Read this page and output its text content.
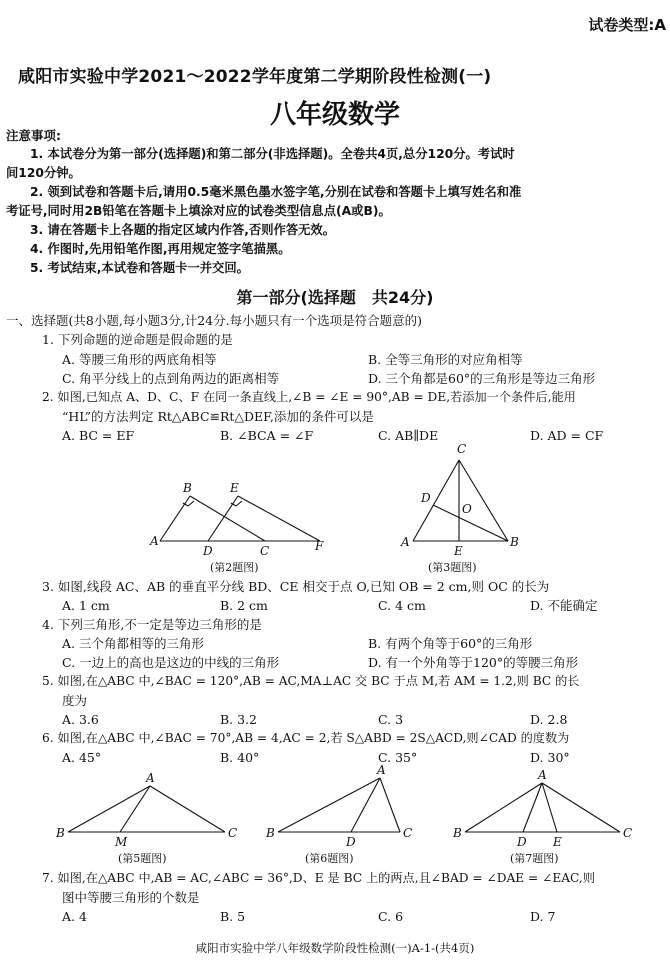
试卷类型:A
咸阳市实验中学2021～2022学年度第二学期阶段性检测(一)
八年级数学
注意事项:
1. 本试卷分为第一部分(选择题)和第二部分(非选择题)。全卷共4页,总分120分。考试时
间120分钟。
2. 领到试卷和答题卡后,请用0.5毫米黑色墨水签字笔,分别在试卷和答题卡上填写姓名和准
考证号,同时用2B铅笔在答题卡上填涂对应的试卷类型信息点(A或B)。
3. 请在答题卡上各题的指定区域内作答,否则作答无效。
4. 作图时,先用铅笔作图,再用规定签字笔描黑。
5. 考试结束,本试卷和答题卡一并交回。
第一部分(选择题　共24分)
一、选择题(共8小题,每小题3分,计24分.每小题只有一个选项是符合题意的)
1. 下列命题的逆命题是假命题的是
A. 等腰三角形的两底角相等	B. 全等三角形的对应角相等
C. 角平分线上的点到角两边的距离相等	D. 三个角都是60°的三角形是等边三角形
2. 如图,已知点 A、D、C、F 在同一条直线上,∠B = ∠E = 90°,AB = DE,若添加一个条件后,能用
“HL”的方法判定 Rt△ABC≌Rt△DEF,添加的条件可以是
A. BC = EF	B. ∠BCA = ∠F	C. AB∥DE	D. AD = CF
A
B
D
E
C	F
(第2题图)
C
D
O
A
E
B
(第3题图)
3. 如图,线段 AC、AB 的垂直平分线 BD、CE 相交于点 O,已知 OB = 2 cm,则 OC 的长为
A. 1 cm	B. 2 cm	C. 4 cm	D. 不能确定
4. 下列三角形,不一定是等边三角形的是
A. 三个角都相等的三角形	B. 有两个角等于60°的三角形
C. 一边上的高也是这边的中线的三角形	D. 有一个外角等于120°的等腰三角形
5. 如图,在△ABC 中,∠BAC = 120°,AB = AC,MA⊥AC 交 BC 于点 M,若 AM = 1.2,则 BC 的长
度为
A. 3.6	B. 3.2	C. 3	D. 2.8
6. 如图,在△ABC 中,∠BAC = 70°,AB = 4,AC = 2,若 S△ABD = 2S△ACD,则∠CAD 的度数为
A. 45°	B. 40°	C. 35°	D. 30°
A
B
M
C
(第5题图)
A
B
D
C
(第6题图)
A
B
D E
C
(第7题图)
7. 如图,在△ABC 中,AB = AC,∠ABC = 36°,D、E 是 BC 上的两点,且∠BAD = ∠DAE = ∠EAC,则
图中等腰三角形的个数是
A. 4	B. 5	C. 6	D. 7
咸阳市实验中学八年级数学阶段性检测(一)A-1-(共4页)
